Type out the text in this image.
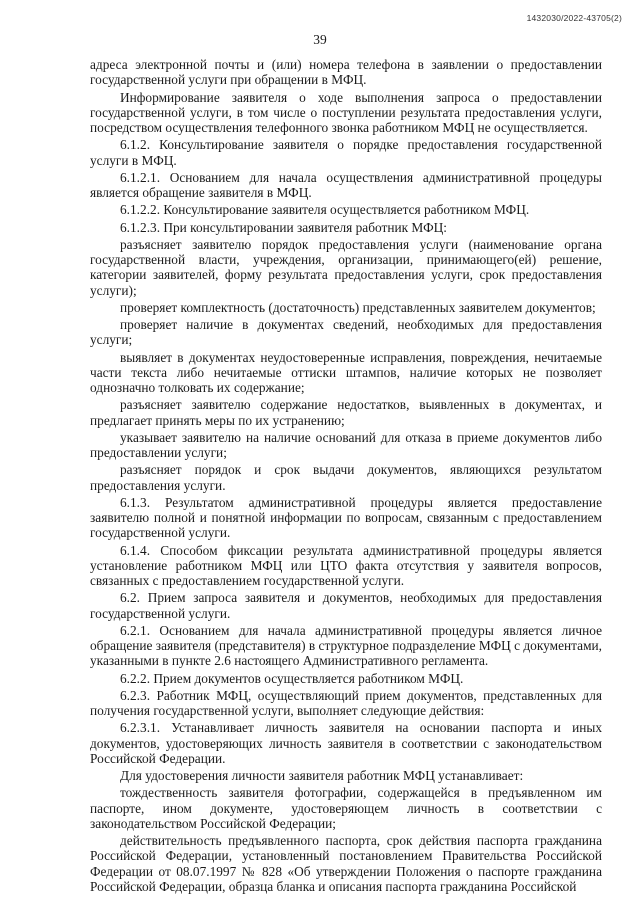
1432030/2022-43705(2)
39

адреса электронной почты и (или) номера телефона в заявлении о предоставлении государственной услуги при обращении в МФЦ.

Информирование заявителя о ходе выполнения запроса о предоставлении государственной услуги, в том числе о поступлении результата предоставления услуги, посредством осуществления телефонного звонка работником МФЦ не осуществляется.

6.1.2. Консультирование заявителя о порядке предоставления государственной услуги в МФЦ.

6.1.2.1. Основанием для начала осуществления административной процедуры является обращение заявителя в МФЦ.

6.1.2.2. Консультирование заявителя осуществляется работником МФЦ.

6.1.2.3. При консультировании заявителя работник МФЦ:

разъясняет заявителю порядок предоставления услуги (наименование органа государственной власти, учреждения, организации, принимающего(ей) решение, категории заявителей, форму результата предоставления услуги, срок предоставления услуги);

проверяет комплектность (достаточность) представленных заявителем документов;

проверяет наличие в документах сведений, необходимых для предоставления услуги;

выявляет в документах неудостоверенные исправления, повреждения, нечитаемые части текста либо нечитаемые оттиски штампов, наличие которых не позволяет однозначно толковать их содержание;

разъясняет заявителю содержание недостатков, выявленных в документах, и предлагает принять меры по их устранению;

указывает заявителю на наличие оснований для отказа в приеме документов либо предоставлении услуги;

разъясняет порядок и срок выдачи документов, являющихся результатом предоставления услуги.

6.1.3. Результатом административной процедуры является предоставление заявителю полной и понятной информации по вопросам, связанным с предоставлением государственной услуги.

6.1.4. Способом фиксации результата административной процедуры является установление работником МФЦ или ЦТО факта отсутствия у заявителя вопросов, связанных с предоставлением государственной услуги.

6.2. Прием запроса заявителя и документов, необходимых для предоставления государственной услуги.

6.2.1. Основанием для начала административной процедуры является личное обращение заявителя (представителя) в структурное подразделение МФЦ с документами, указанными в пункте 2.6 настоящего Административного регламента.

6.2.2. Прием документов осуществляется работником МФЦ.

6.2.3. Работник МФЦ, осуществляющий прием документов, представленных для получения государственной услуги, выполняет следующие действия:

6.2.3.1. Устанавливает личность заявителя на основании паспорта и иных документов, удостоверяющих личность заявителя в соответствии с законодательством Российской Федерации.

Для удостоверения личности заявителя работник МФЦ устанавливает:

тождественность заявителя фотографии, содержащейся в предъявленном им паспорте, ином документе, удостоверяющем личность в соответствии с законодательством Российской Федерации;

действительность предъявленного паспорта, срок действия паспорта гражданина Российской Федерации, установленный постановлением Правительства Российской Федерации от 08.07.1997 № 828 «Об утверждении Положения о паспорте гражданина Российской Федерации, образца бланка и описания паспорта гражданина Российской
